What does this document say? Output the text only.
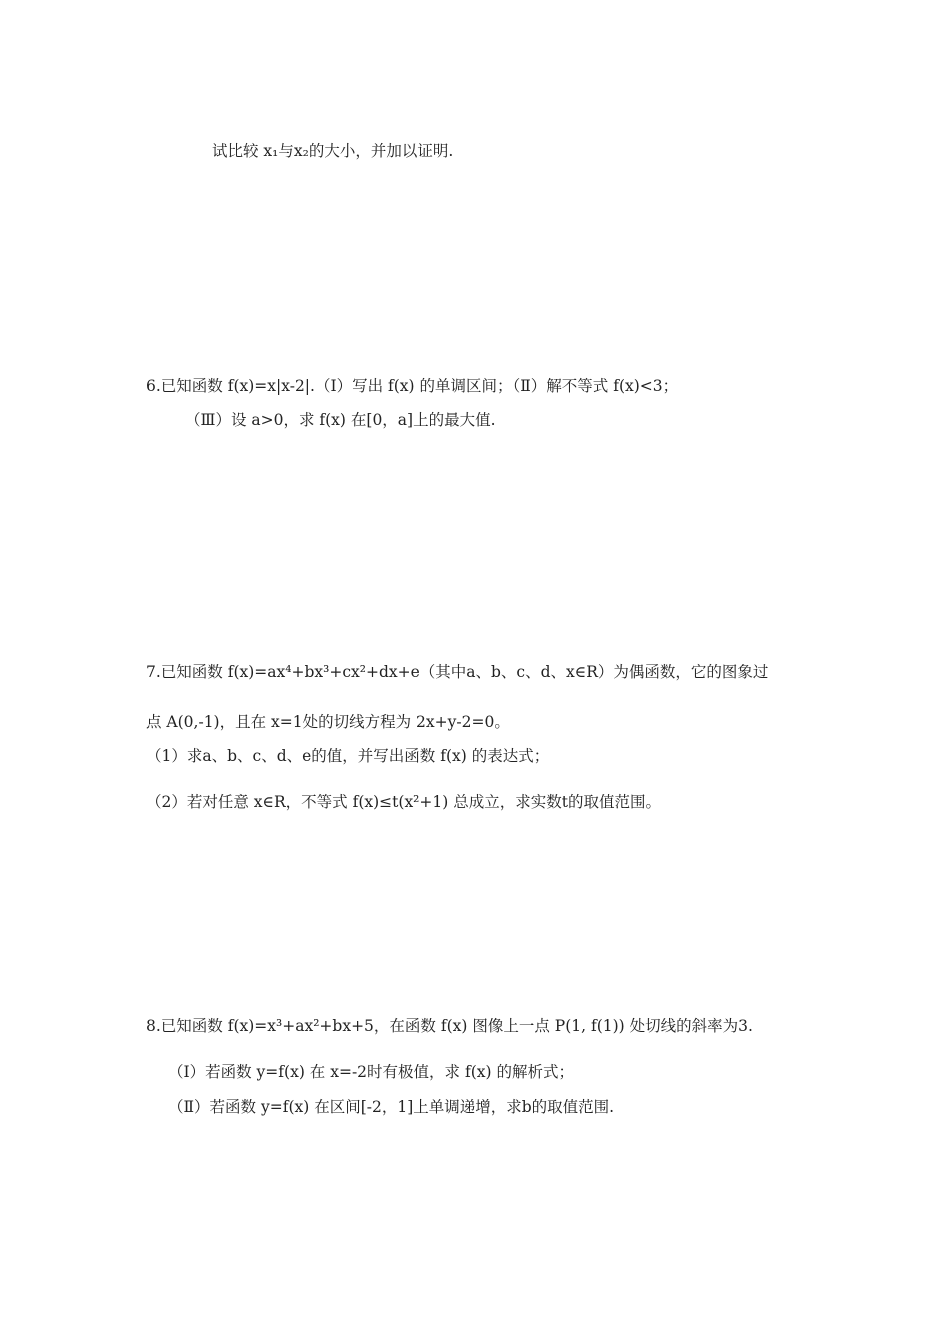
试比较 x₁与x₂的大小，并加以证明.
6.已知函数 f(x)=x|x-2|.（Ⅰ）写出 f(x) 的单调区间；（Ⅱ）解不等式 f(x)<3；
（Ⅲ）设 a>0，求 f(x) 在[0，a]上的最大值.
7.已知函数 f(x)=ax⁴+bx³+cx²+dx+e（其中a、b、c、d、x∈R）为偶函数，它的图象过
点 A(0,-1)，且在 x=1处的切线方程为 2x+y-2=0。
（1）求a、b、c、d、e的值，并写出函数 f(x) 的表达式；
（2）若对任意 x∈R，不等式 f(x)≤t(x²+1) 总成立，求实数t的取值范围。
8.已知函数 f(x)=x³+ax²+bx+5，在函数 f(x) 图像上一点 P(1, f(1)) 处切线的斜率为3.
（Ⅰ）若函数 y=f(x) 在 x=-2时有极值，求 f(x) 的解析式；
（Ⅱ）若函数 y=f(x) 在区间[-2，1]上单调递增，求b的取值范围.
